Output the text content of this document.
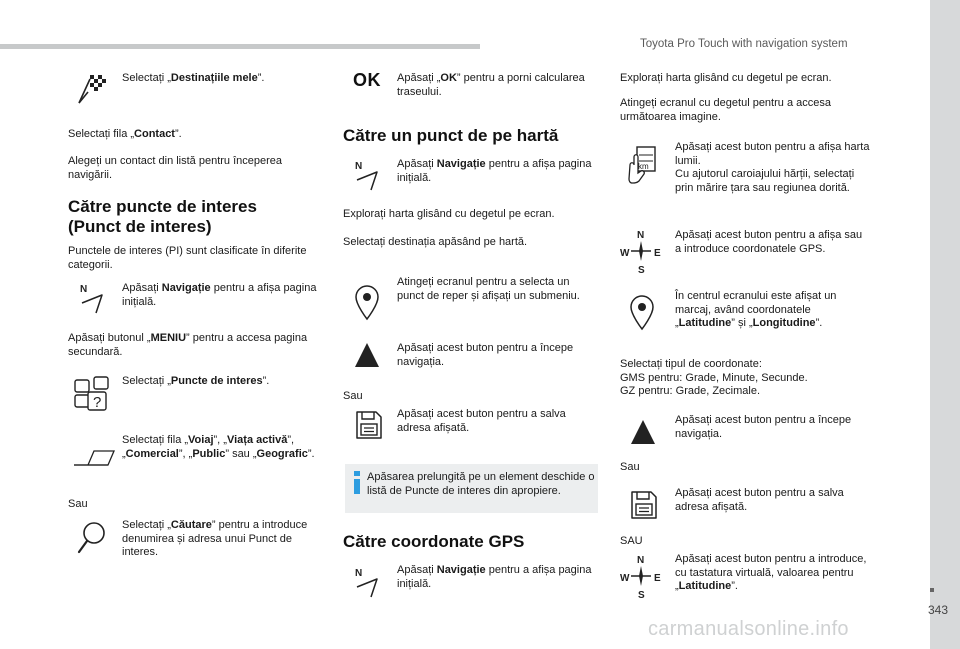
Toyota Pro Touch with navigation system
343
carmanualsonline.info

Selectați „Destinațiile mele”.

Selectați fila „Contact”.

Alegeți un contact din listă pentru începerea navigării.

Către puncte de interes
(Punct de interes)

Punctele de interes (PI) sunt clasificate în diferite categorii.

N	Apăsați Navigație pentru a afișa pagina inițială.

Apăsați butonul „MENIU” pentru a accesa pagina secundară.

?

Selectați „Puncte de interes”.

Selectați fila „Voiaj”, „Viața activă”, „Comercial”, „Public” sau „Geografic”.

Sau

Selectați „Căutare” pentru a introduce denumirea și adresa unui Punct de interes.

OK Apăsați „OK” pentru a porni calcularea traseului.

Către un punct de pe hartă
N	Apăsați Navigație pentru a afișa pagina inițială.

Explorați harta glisând cu degetul pe ecran.

Selectați destinația apăsând pe hartă.

Atingeți ecranul pentru a selecta un punct de reper și afișați un submeniu.

Apăsați acest buton pentru a începe navigația.

Sau

Apăsați acest buton pentru a salva adresa afișată.

Apăsarea prelungită pe un element deschide o listă de Puncte de interes din apropiere.
Către coordonate GPS
N	Apăsați Navigație pentru a afișa pagina inițială.

Explorați harta glisând cu degetul pe ecran.

Atingeți ecranul cu degetul pentru a accesa următoarea imagine.

km

Apăsați acest buton pentru a afișa harta lumii.
Cu ajutorul caroiajului hărții, selectați prin mărire țara sau regiunea dorită.

N
W E
S

Apăsați acest buton pentru a afișa sau a introduce coordonatele GPS.

În centrul ecranului este afișat un marcaj, având coordonatele „Latitudine” și „Longitudine”.

Selectați tipul de coordonate:
GMS pentru: Grade, Minute, Secunde.
GZ pentru: Grade, Zecimale.

Apăsați acest buton pentru a începe navigația.

Sau

Apăsați acest buton pentru a salva adresa afișată.

SAU

N
W E
S

Apăsați acest buton pentru a introduce, cu tastatura virtuală, valoarea pentru „Latitudine”.
